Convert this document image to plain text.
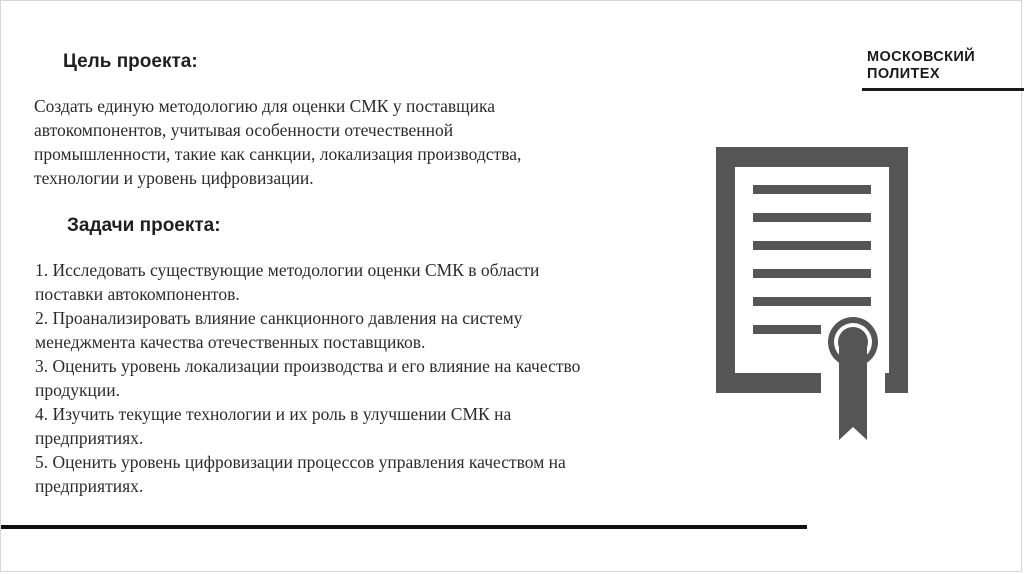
Цель проекта:
Создать единую методологию для оценки СМК у поставщика
автокомпонентов, учитывая особенности отечественной
промышленности, такие как санкции, локализация производства,
технологии и уровень цифровизации.
Задачи проекта:
1. Исследовать существующие методологии оценки СМК в области
поставки автокомпонентов.
2. Проанализировать влияние санкционного давления на систему
менеджмента качества отечественных поставщиков.
3. Оценить уровень локализации производства и его влияние на качество
продукции.
4. Изучить текущие технологии и их роль в улучшении СМК на
предприятиях.
5. Оценить уровень цифровизации процессов управления качеством на
предприятиях.
МОСКОВСКИЙ
ПОЛИТЕХ
